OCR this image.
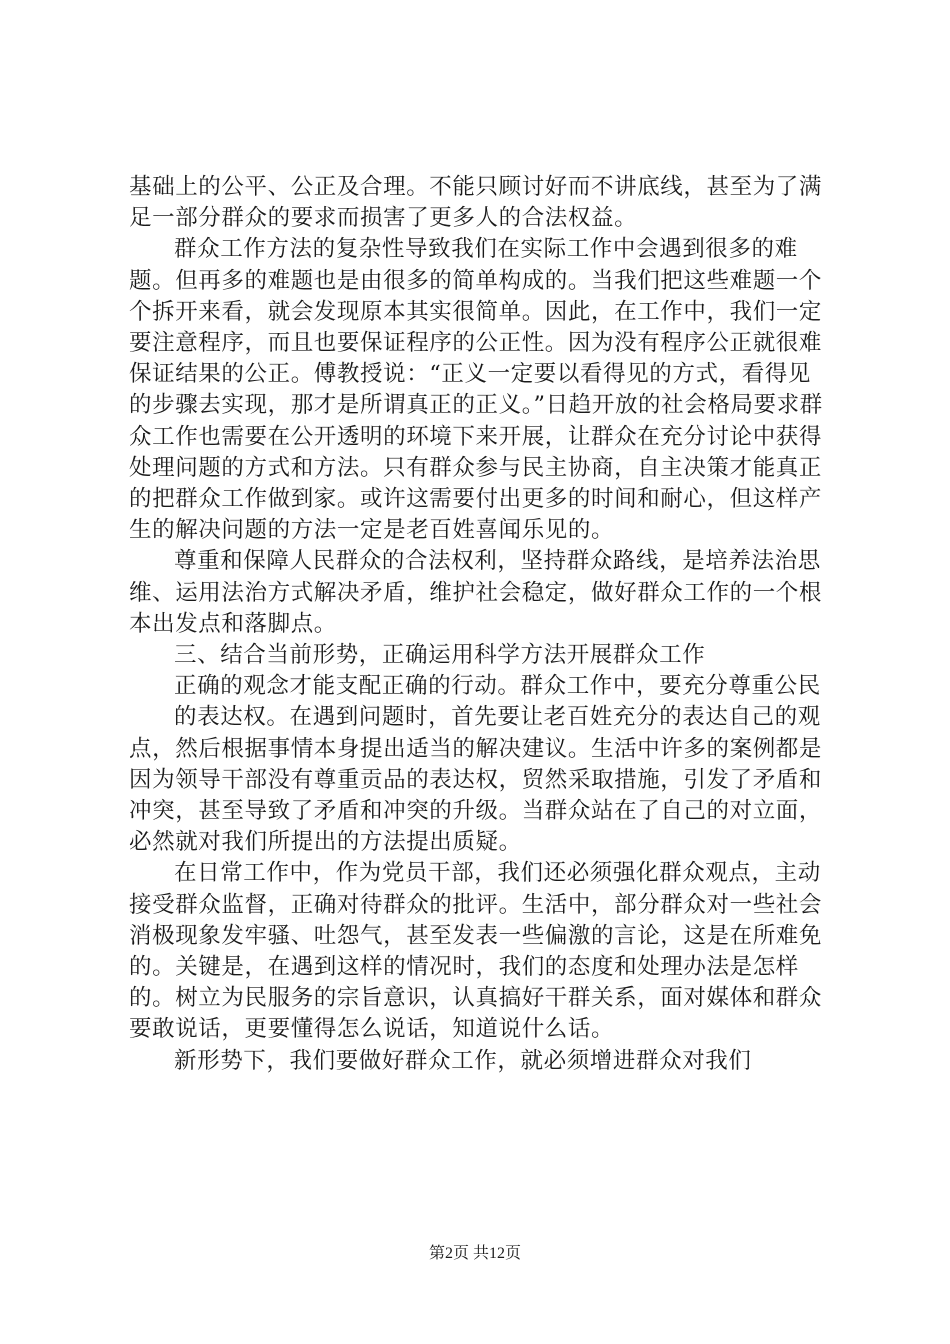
基础上的公平、公正及合理。不能只顾讨好而不讲底线，甚至为了满足一部分群众的要求而损害了更多人的合法权益。

群众工作方法的复杂性导致我们在实际工作中会遇到很多的难题。但再多的难题也是由很多的简单构成的。当我们把这些难题一个个拆开来看，就会发现原本其实很简单。因此，在工作中，我们一定要注意程序，而且也要保证程序的公正性。因为没有程序公正就很难保证结果的公正。傅教授说：“正义一定要以看得见的方式，看得见的步骤去实现，那才是所谓真正的正义。”日趋开放的社会格局要求群众工作也需要在公开透明的环境下来开展，让群众在充分讨论中获得处理问题的方式和方法。只有群众参与民主协商，自主决策才能真正的把群众工作做到家。或许这需要付出更多的时间和耐心，但这样产生的解决问题的方法一定是老百姓喜闻乐见的。

尊重和保障人民群众的合法权利，坚持群众路线，是培养法治思维、运用法治方式解决矛盾，维护社会稳定，做好群众工作的一个根本出发点和落脚点。

三、结合当前形势，正确运用科学方法开展群众工作

正确的观念才能支配正确的行动。群众工作中，要充分尊重公民

的表达权。在遇到问题时，首先要让老百姓充分的表达自己的观点，然后根据事情本身提出适当的解决建议。生活中许多的案例都是因为领导干部没有尊重贡品的表达权，贸然采取措施，引发了矛盾和冲突，甚至导致了矛盾和冲突的升级。当群众站在了自己的对立面，必然就对我们所提出的方法提出质疑。

在日常工作中，作为党员干部，我们还必须强化群众观点，主动接受群众监督，正确对待群众的批评。生活中，部分群众对一些社会消极现象发牢骚、吐怨气，甚至发表一些偏激的言论，这是在所难免的。关键是，在遇到这样的情况时，我们的态度和处理办法是怎样的。树立为民服务的宗旨意识，认真搞好干群关系，面对媒体和群众要敢说话，更要懂得怎么说话，知道说什么话。

新形势下，我们要做好群众工作，就必须增进群众对我们

第2页 共12页
